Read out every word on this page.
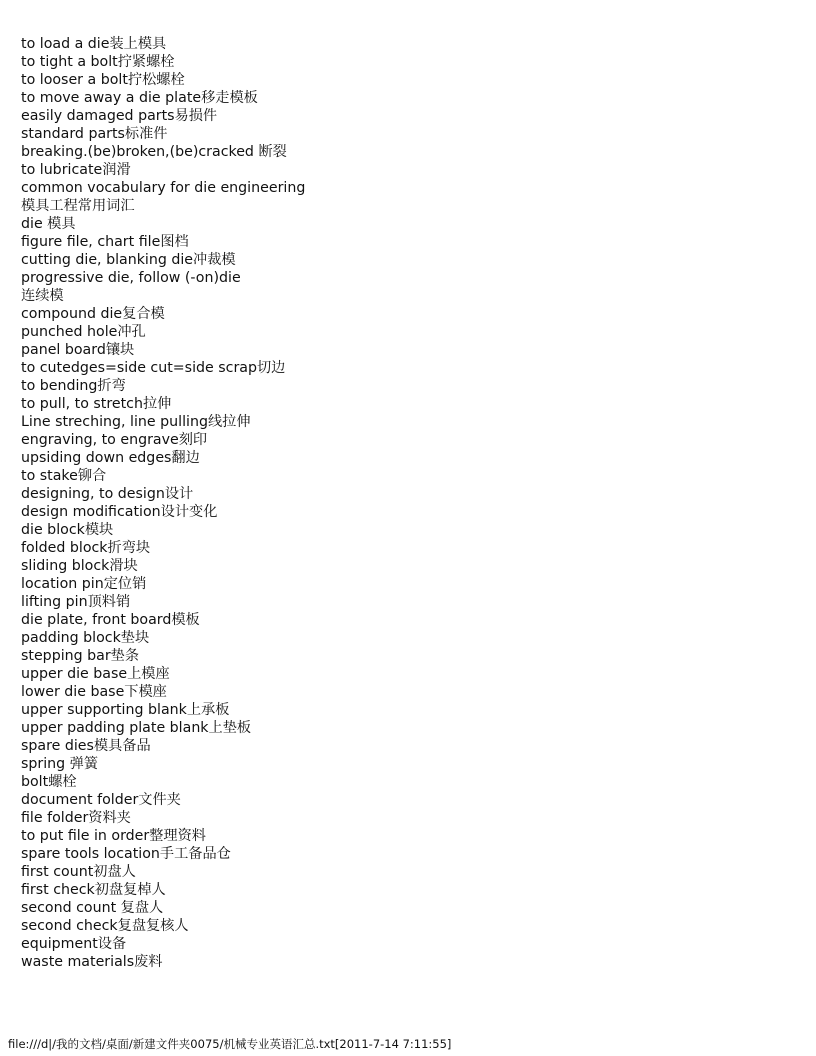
to load a die装上模具
to tight a bolt拧紧螺栓
to looser a bolt拧松螺栓
to move away a die plate移走模板
easily damaged parts易损件
standard parts标准件
breaking.(be)broken,(be)cracked 断裂
to lubricate润滑
common vocabulary for die engineering
模具工程常用词汇
die 模具
figure file, chart file图档
cutting die, blanking die冲裁模
progressive die, follow (-on)die
连续模
compound die复合模
punched hole冲孔
panel board镶块
to cutedges=side cut=side scrap切边
to bending折弯
to pull, to stretch拉伸
Line streching, line pulling线拉伸
engraving, to engrave刻印
upsiding down edges翻边
to stake铆合
designing, to design设计
design modification设计变化
die block模块
folded block折弯块
sliding block滑块
location pin定位销
lifting pin顶料销
die plate, front board模板
padding block垫块
stepping bar垫条
upper die base上模座
lower die base下模座
upper supporting blank上承板
upper padding plate blank上垫板
spare dies模具备品
spring 弹簧
bolt螺栓
document folder文件夹
file folder资料夹
to put file in order整理资料
spare tools location手工备品仓
first count初盘人
first check初盘复棹人
second count 复盘人
second check复盘复核人
equipment设备
waste materials废料
file:///d|/我的文档/桌面/新建文件夹0075/机械专业英语汇总.txt[2011-7-14 7:11:55]
